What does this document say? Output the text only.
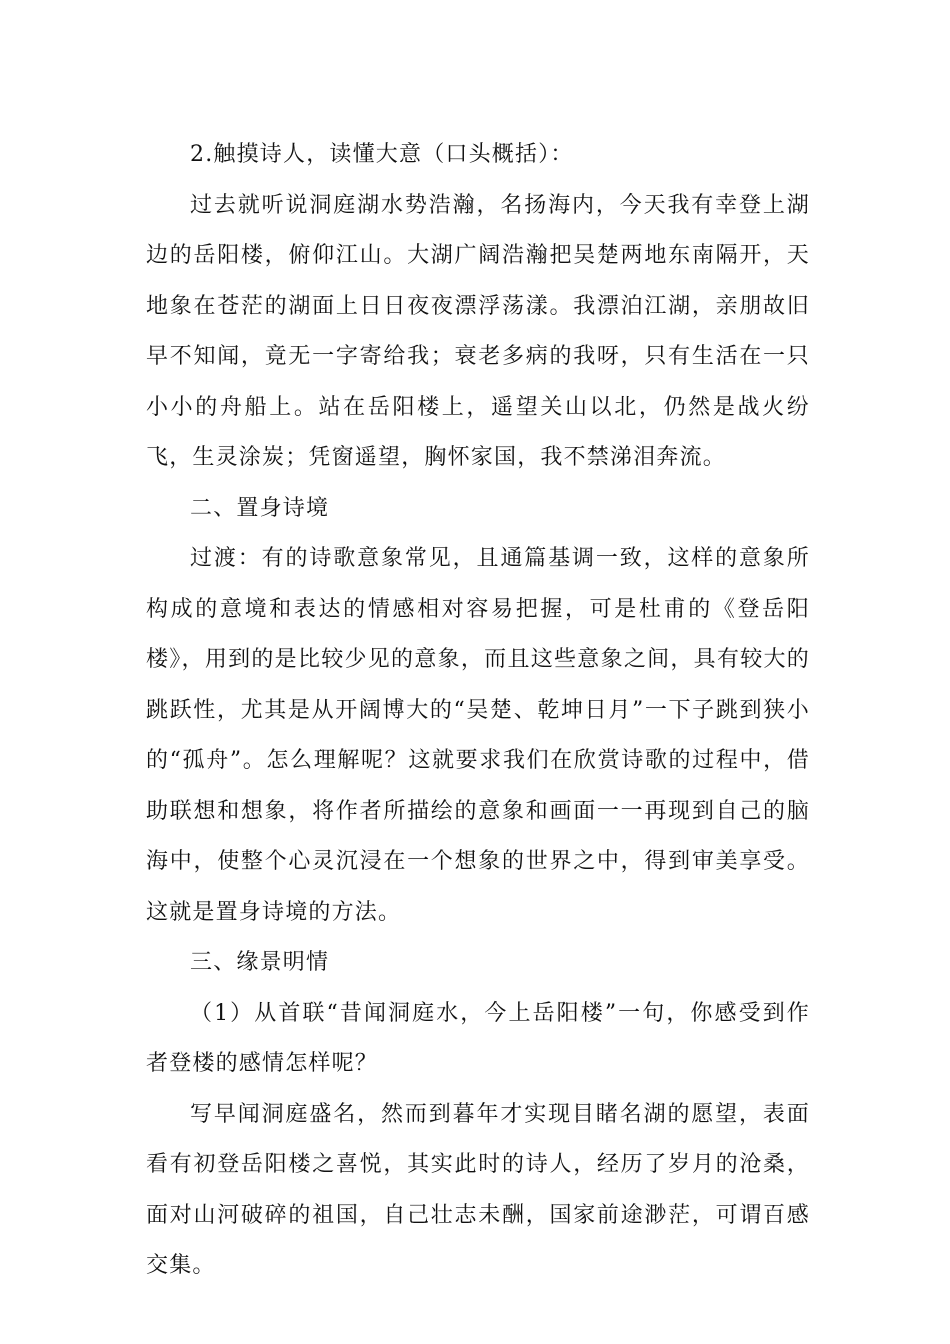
2.触摸诗人，读懂大意（口头概括）：

过去就听说洞庭湖水势浩瀚，名扬海内，今天我有幸登上湖边的岳阳楼，俯仰江山。大湖广阔浩瀚把吴楚两地东南隔开，天地象在苍茫的湖面上日日夜夜漂浮荡漾。我漂泊江湖，亲朋故旧早不知闻，竟无一字寄给我；衰老多病的我呀，只有生活在一只小小的舟船上。站在岳阳楼上，遥望关山以北，仍然是战火纷飞，生灵涂炭；凭窗遥望，胸怀家国，我不禁涕泪奔流。

二、置身诗境

过渡：有的诗歌意象常见，且通篇基调一致，这样的意象所构成的意境和表达的情感相对容易把握，可是杜甫的《登岳阳楼》，用到的是比较少见的意象，而且这些意象之间，具有较大的跳跃性，尤其是从开阔博大的“吴楚、乾坤日月”一下子跳到狭小的“孤舟”。怎么理解呢？这就要求我们在欣赏诗歌的过程中，借助联想和想象，将作者所描绘的意象和画面一一再现到自己的脑海中，使整个心灵沉浸在一个想象的世界之中，得到审美享受。这就是置身诗境的方法。

三、缘景明情

（1）从首联“昔闻洞庭水，今上岳阳楼”一句，你感受到作者登楼的感情怎样呢？

写早闻洞庭盛名，然而到暮年才实现目睹名湖的愿望，表面看有初登岳阳楼之喜悦，其实此时的诗人，经历了岁月的沧桑，面对山河破碎的祖国，自己壮志未酬，国家前途渺茫，可谓百感交集。
